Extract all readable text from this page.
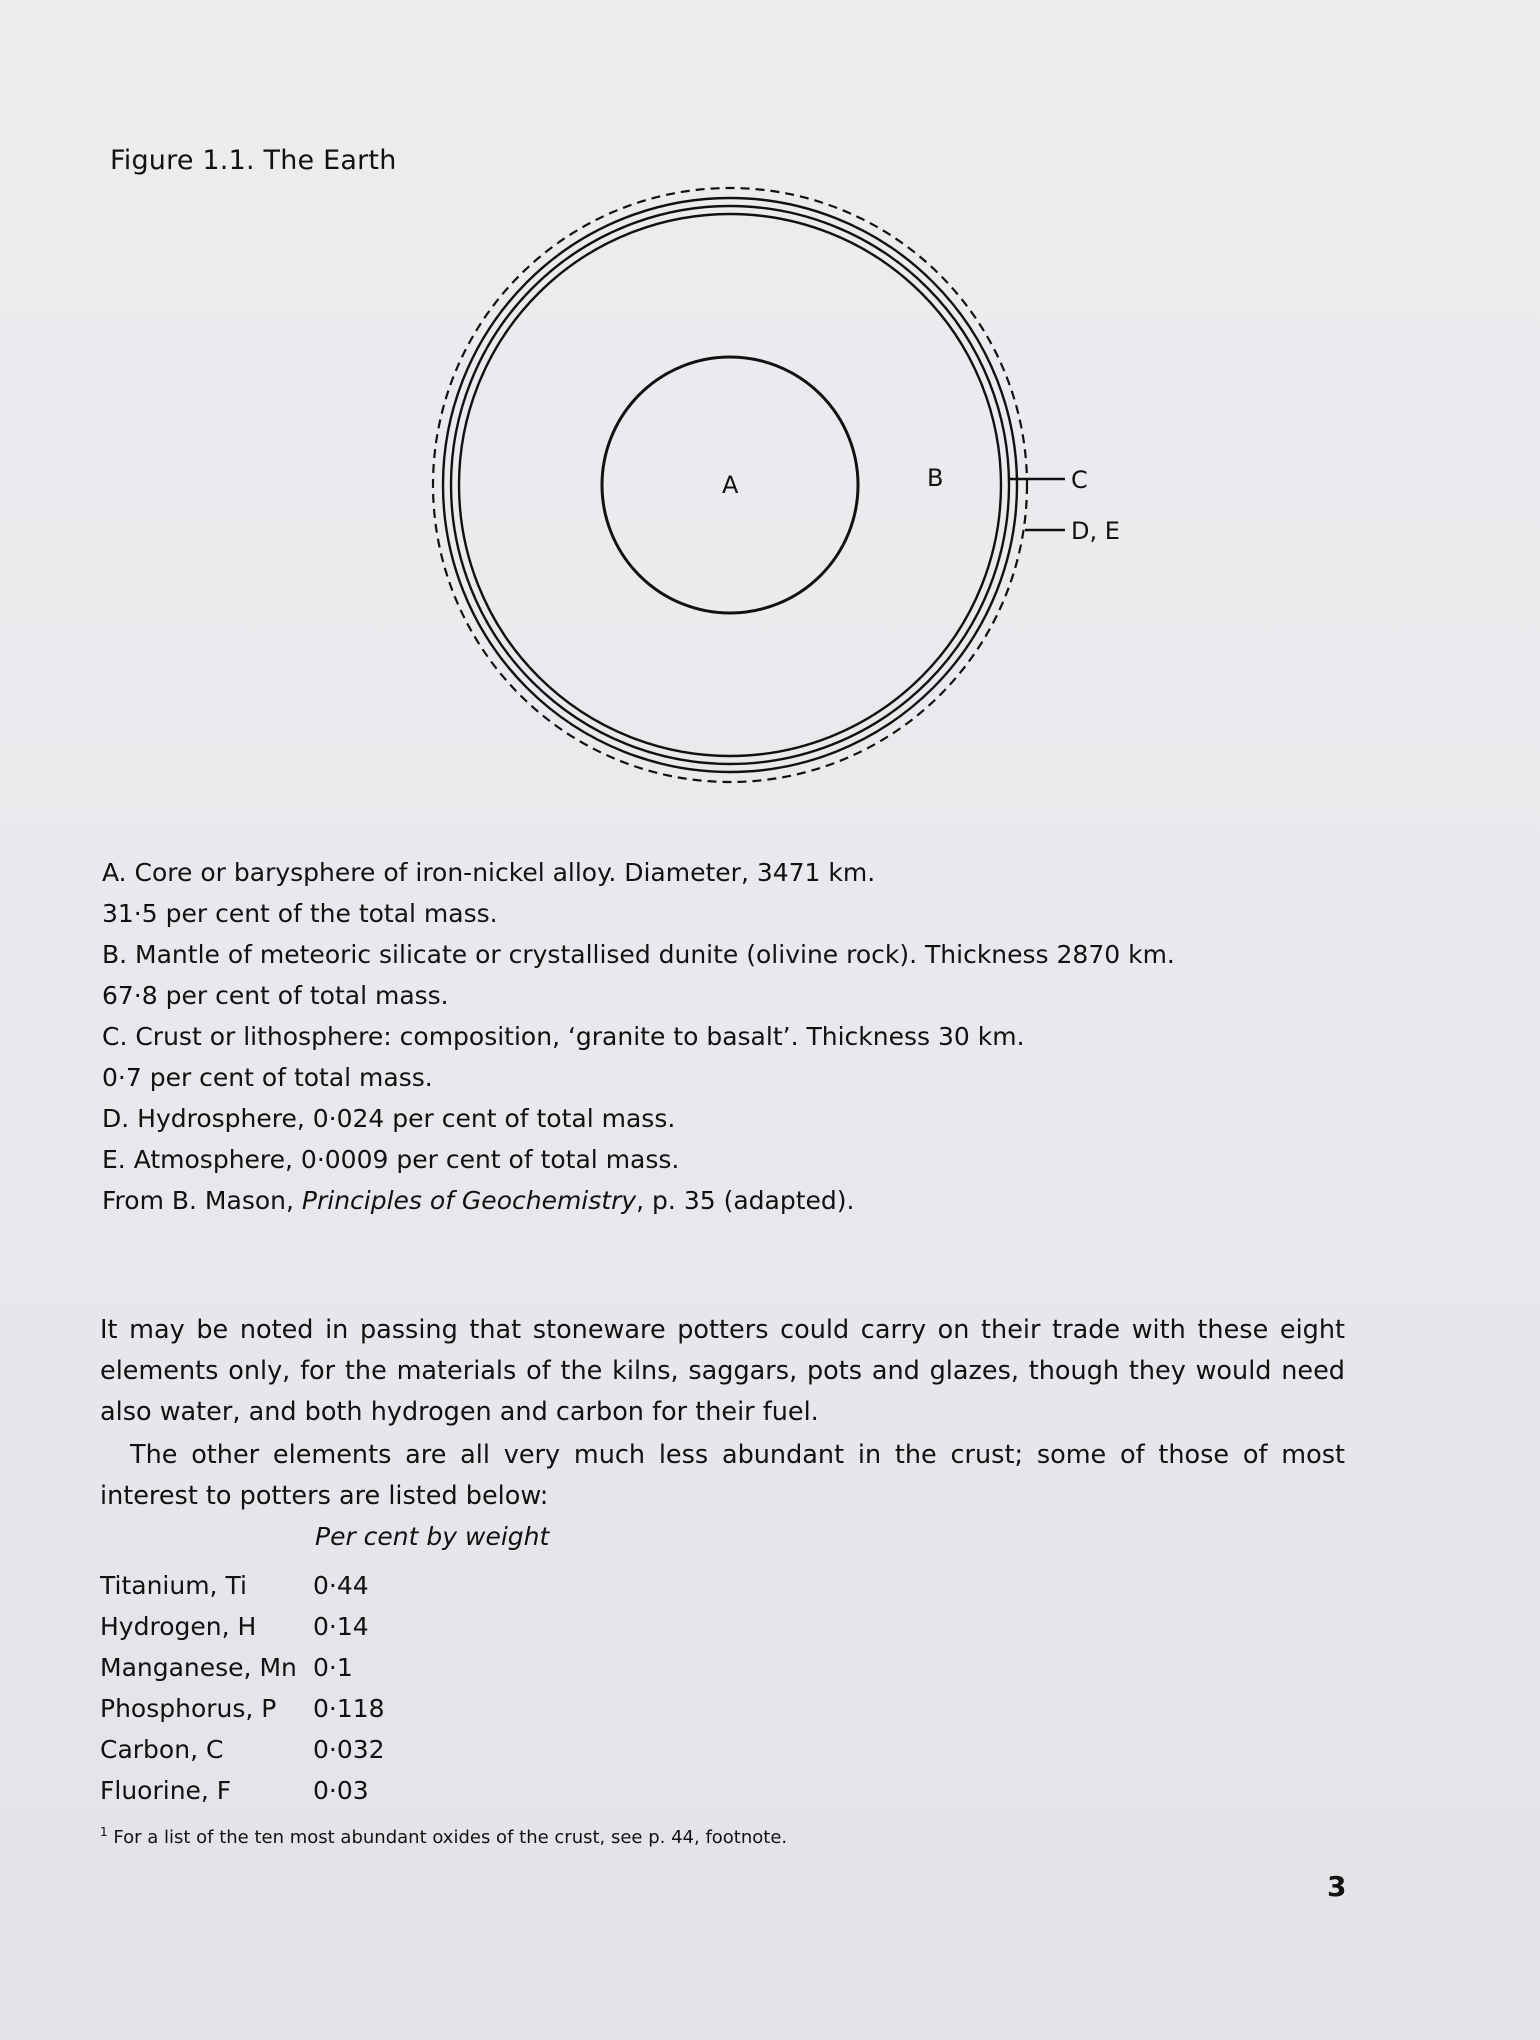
Figure 1.1. The Earth
A	B	C
D, E
A. Core or barysphere of iron-nickel alloy. Diameter, 3471 km.
31·5 per cent of the total mass.
B. Mantle of meteoric silicate or crystallised dunite (olivine rock). Thickness 2870 km.
67·8 per cent of total mass.
C. Crust or lithosphere: composition, ‘granite to basalt’. Thickness 30 km.
0·7 per cent of total mass.
D. Hydrosphere, 0·024 per cent of total mass.
E. Atmosphere, 0·0009 per cent of total mass.
From B. Mason, Principles of Geochemistry, p. 35 (adapted).
It may be noted in passing that stoneware potters could carry on their trade with these eight elements only, for the materials of the kilns, saggars, pots and glazes, though they would need also water, and both hydrogen and carbon for their fuel.
The other elements are all very much less abundant in the crust; some of those of most interest to potters are listed below:
Per cent by weight
Titanium, Ti	0·44
Hydrogen, H 0·14
Manganese, Mn 0·1
Phosphorus, P 0·118
Carbon, C	0·032
Fluorine, F	0·03
$^1$ For a list of the ten most abundant oxides of the crust, see p. 44, footnote.
3
